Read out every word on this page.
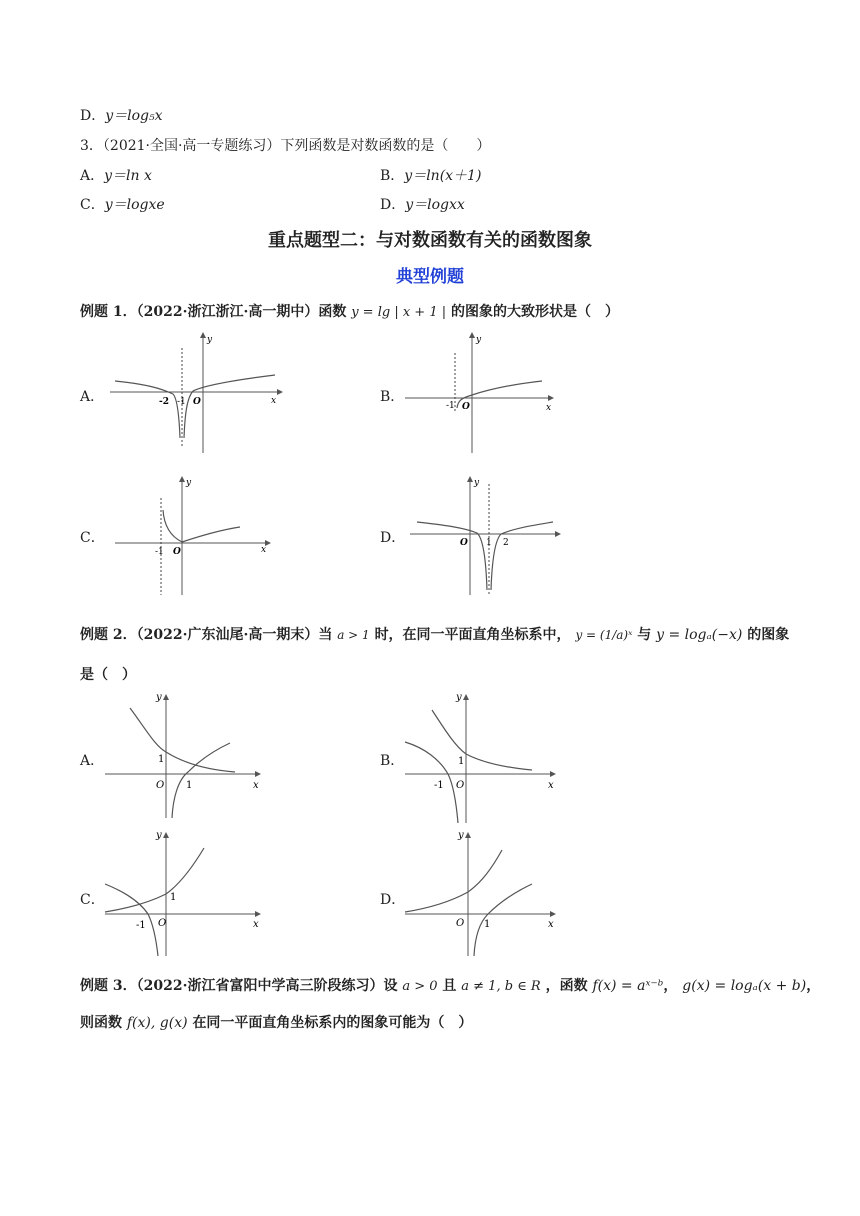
D．y＝log₅x
3．（2021·全国·高一专题练习）下列函数是对数函数的是（　　）
A．y＝ln x	B．y＝ln(x＋1)
C．y＝logxe	D．y＝logxx
重点题型二：与对数函数有关的函数图象
典型例题
例题 1．（2022·浙江浙江·高一期中）函数 y = lg | x + 1 | 的图象的大致形状是（　）
A．	B．
C．	D．
-2 -1 O	x
y
-1 O	x
y
-1 O	x
y
O 1 2
y
例题 2．（2022·广东汕尾·高一期末）当 a > 1 时，在同一平面直角坐标系中， y = (1/a)ˣ 与 y = logₐ(−x) 的图象
是（　）
A．	B．
C．	D．
1
O 1	x
y
1
-1 O	x
y
1
-1 O	x
y
O 1	x
y
例题 3．（2022·浙江省富阳中学高三阶段练习）设 a > 0 且 a ≠ 1, b ∈ R ，函数 f(x) = aˣ⁻ᵇ， g(x) = logₐ(x + b)，
则函数 f(x), g(x) 在同一平面直角坐标系内的图象可能为（　）
